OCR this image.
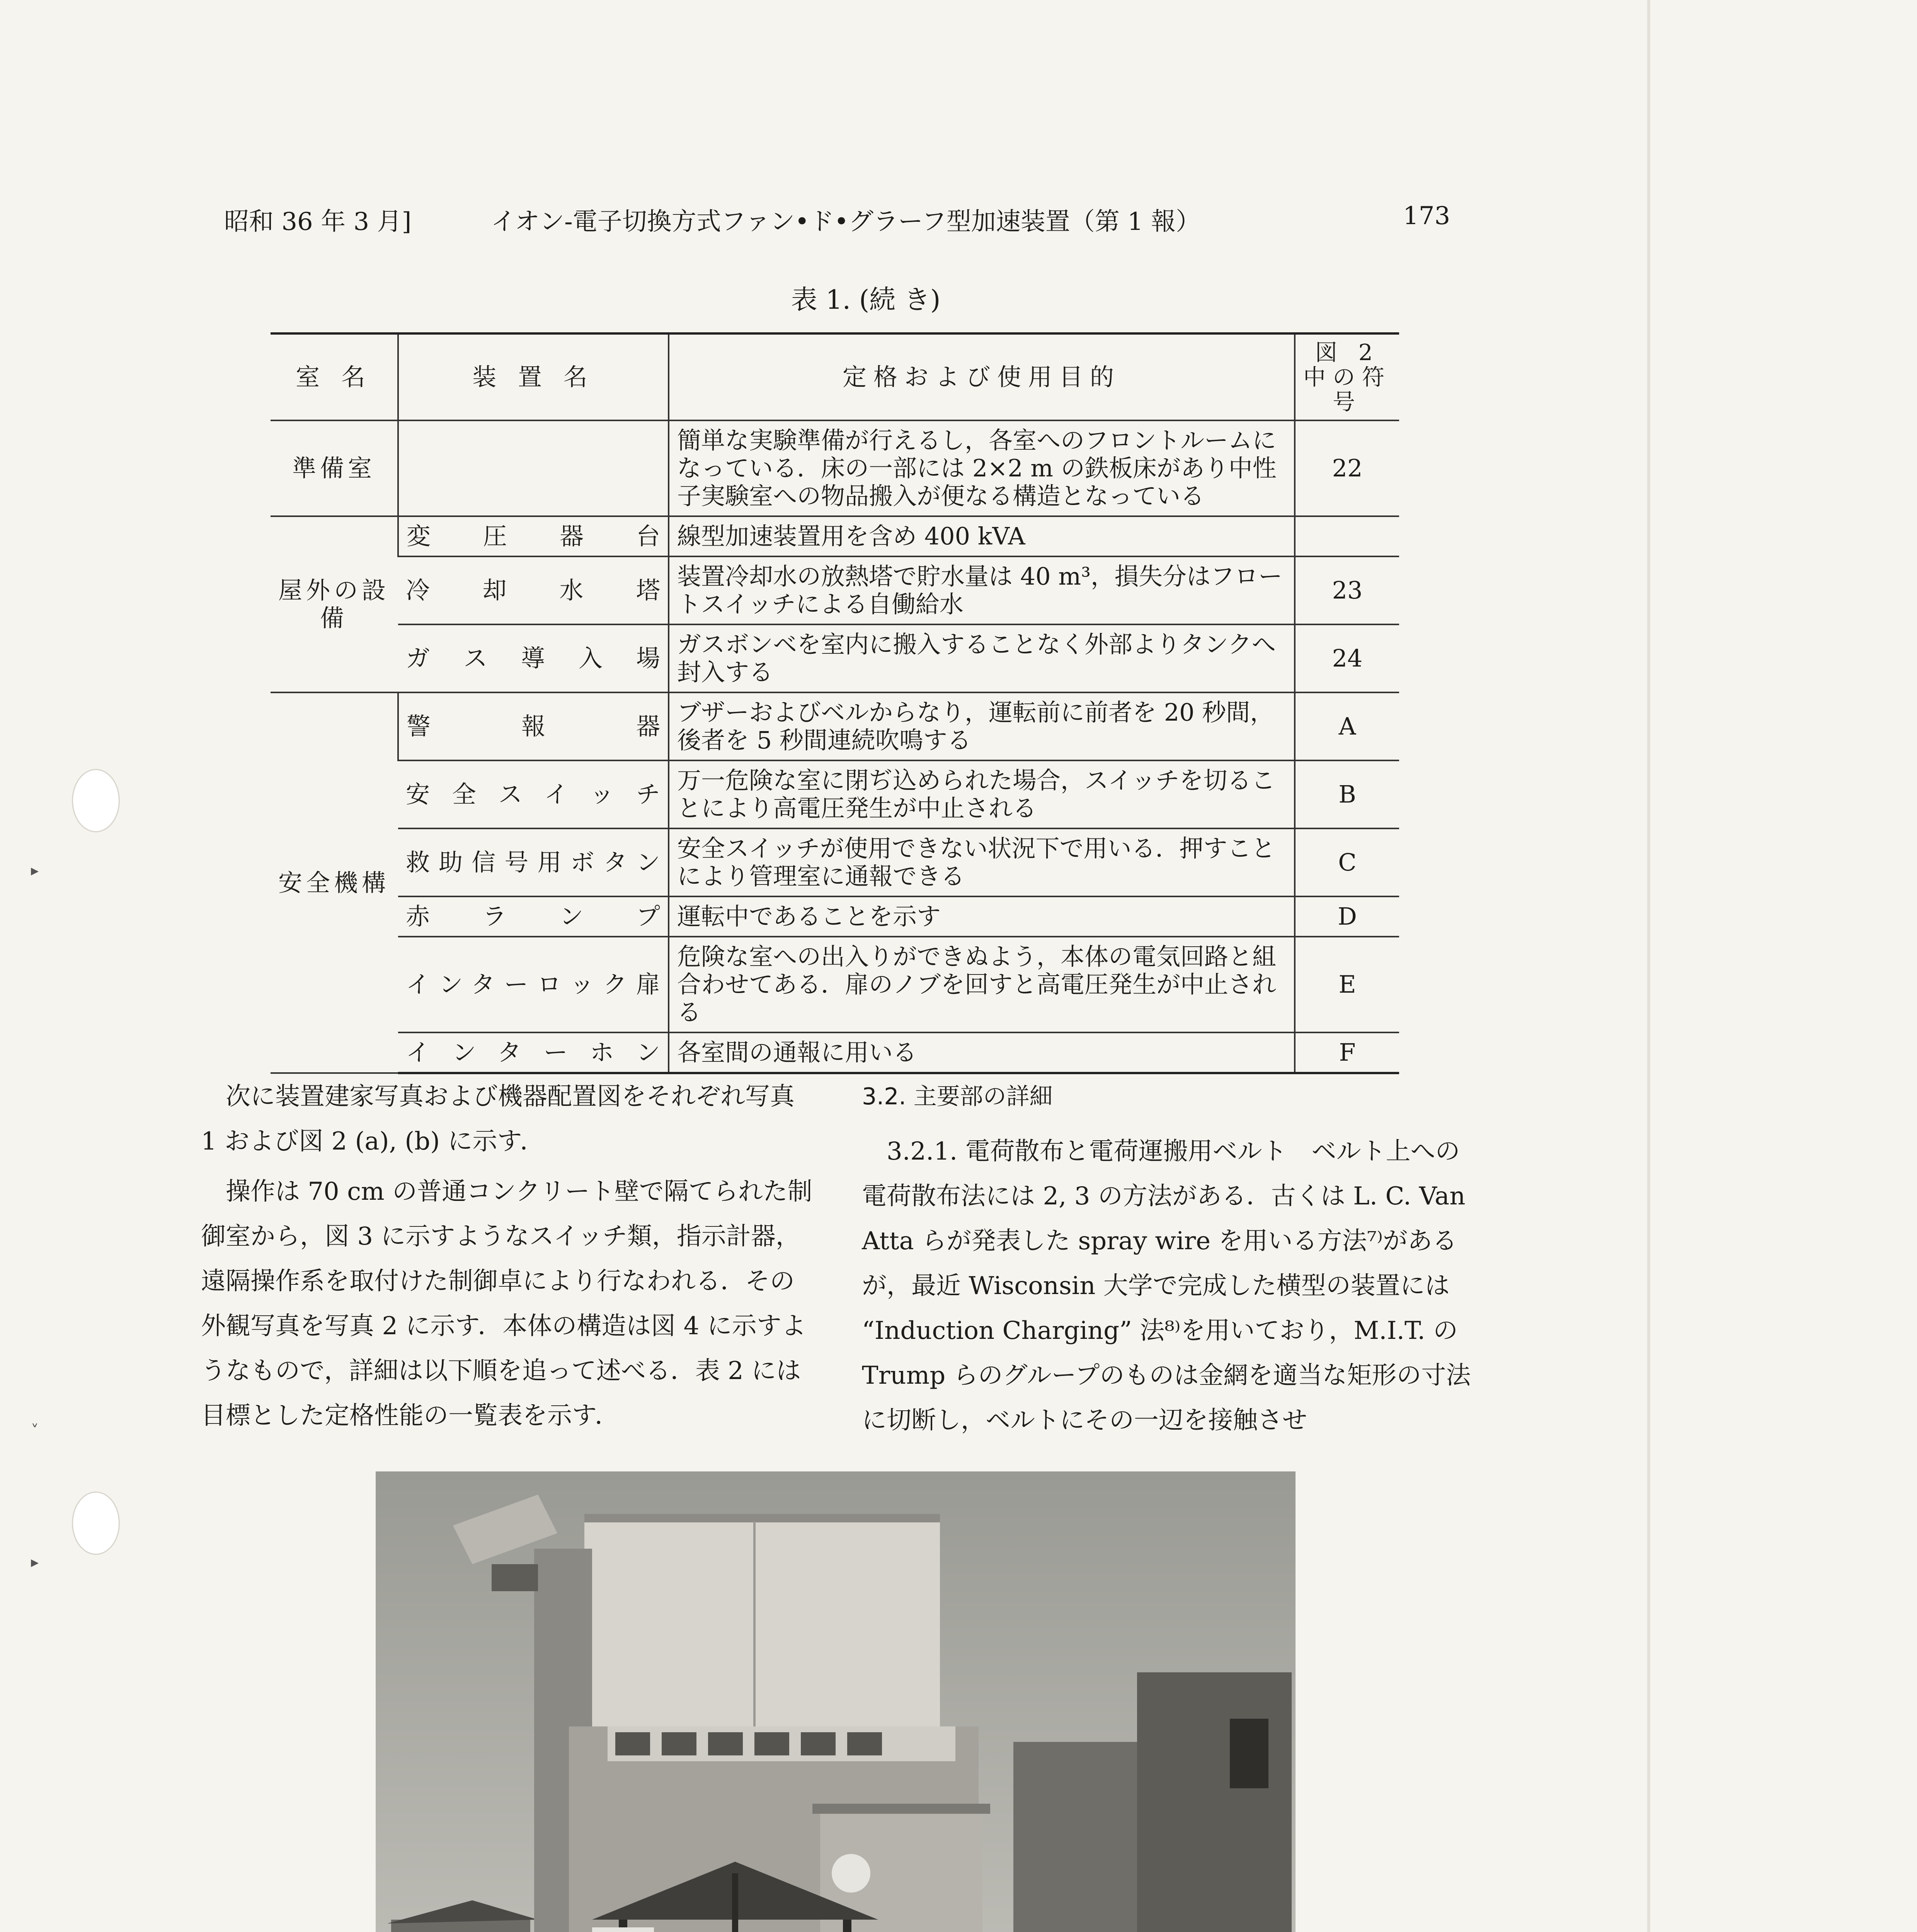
▸
˅
▸
昭和 36 年 3 月]	イオン-電子切換方式ファン•ド•グラーフ型加速装置（第 1 報）	173
表 1. (続 き)
室 名	装 置 名	定格および使用目的	図 2 中の符号
準備室		簡単な実験準備が行えるし，各室へのフロントルームになっている．床の一部には 2×2 m の鉄板床があり中性子実験室への物品搬入が便なる構造となっている	22
屋外の設 備	変圧器台	線型加速装置用を含め 400 kVA	
	冷却水塔	装置冷却水の放熱塔で貯水量は 40 m³，損失分はフロートスイッチによる自働給水	23
	ガス導入場	ガスボンベを室内に搬入することなく外部よりタンクへ封入する	24
安全機構	警報器	ブザーおよびベルからなり，運転前に前者を 20 秒間，後者を 5 秒間連続吹鳴する	A
	安全スイッチ	万一危険な室に閉ぢ込められた場合，スイッチを切ることにより高電圧発生が中止される	B
	救助信号用ボタン	安全スイッチが使用できない状況下で用いる．押すことにより管理室に通報できる	C
	赤ランプ	運転中であることを示す	D
	インターロック扉	危険な室への出入りができぬよう，本体の電気回路と組合わせてある．扉のノブを回すと高電圧発生が中止される	E
	インターホン	各室間の通報に用いる	F

次に装置建家写真および機器配置図をそれぞれ写真 1 および図 2 (a), (b) に示す．

操作は 70 cm の普通コンクリート壁で隔てられた制御室から，図 3 に示すようなスイッチ類，指示計器，遠隔操作系を取付けた制御卓により行なわれる．その外観写真を写真 2 に示す．本体の構造は図 4 に示すようなもので，詳細は以下順を追って述べる．表 2 には目標とした定格性能の一覧表を示す．

3.2. 主要部の詳細

3.2.1. 電荷散布と電荷運搬用ベルト　ベルト上への電荷散布法には 2, 3 の方法がある．古くは L. C. Van Atta らが発表した spray wire を用いる方法⁷⁾があるが，最近 Wisconsin 大学で完成した横型の装置には “Induction Charging” 法⁸⁾を用いており，M.I.T. の Trump らのグループのものは金網を適当な矩形の寸法に切断し，ベルトにその一辺を接触させ
